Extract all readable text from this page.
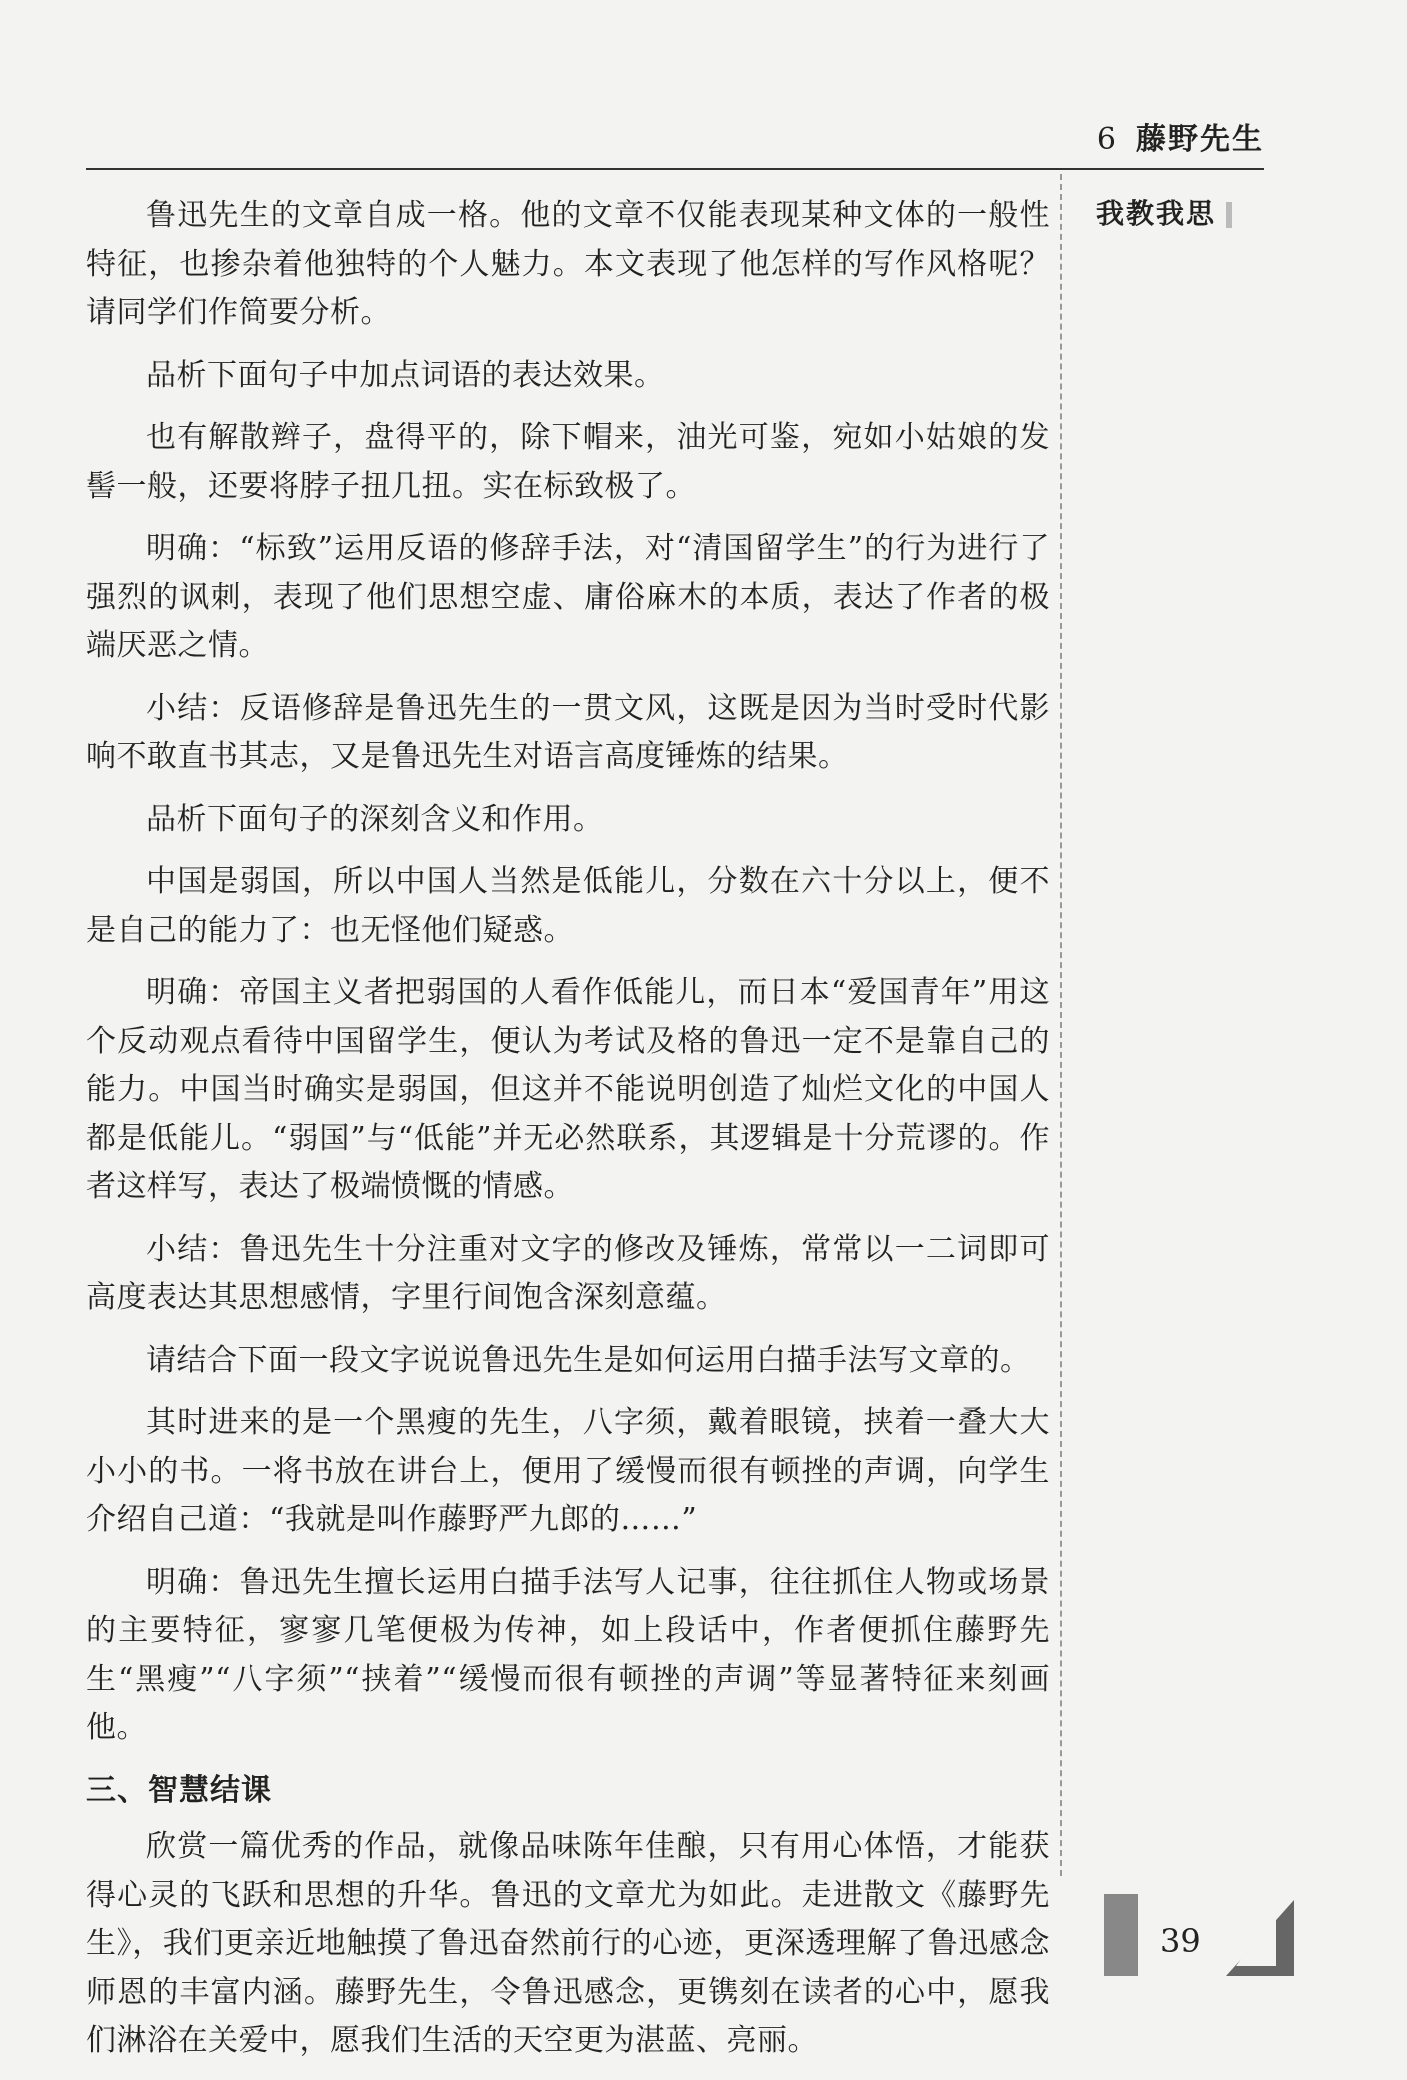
6 藤野先生
我教我思

鲁迅先生的文章自成一格。他的文章不仅能表现某种文体的一般性特征，也掺杂着他独特的个人魅力。本文表现了他怎样的写作风格呢？请同学们作简要分析。

品析下面句子中加点词语的表达效果。

也有解散辫子，盘得平的，除下帽来，油光可鉴，宛如小姑娘的发髻一般，还要将脖子扭几扭。实在标致极了。

明确：“标致”运用反语的修辞手法，对“清国留学生”的行为进行了强烈的讽刺，表现了他们思想空虚、庸俗麻木的本质，表达了作者的极端厌恶之情。

小结：反语修辞是鲁迅先生的一贯文风，这既是因为当时受时代影响不敢直书其志，又是鲁迅先生对语言高度锤炼的结果。

品析下面句子的深刻含义和作用。

中国是弱国，所以中国人当然是低能儿，分数在六十分以上，便不是自己的能力了：也无怪他们疑惑。

明确：帝国主义者把弱国的人看作低能儿，而日本“爱国青年”用这个反动观点看待中国留学生，便认为考试及格的鲁迅一定不是靠自己的能力。中国当时确实是弱国，但这并不能说明创造了灿烂文化的中国人都是低能儿。“弱国”与“低能”并无必然联系，其逻辑是十分荒谬的。作者这样写，表达了极端愤慨的情感。

小结：鲁迅先生十分注重对文字的修改及锤炼，常常以一二词即可高度表达其思想感情，字里行间饱含深刻意蕴。

请结合下面一段文字说说鲁迅先生是如何运用白描手法写文章的。

其时进来的是一个黑瘦的先生，八字须，戴着眼镜，挟着一叠大大小小的书。一将书放在讲台上，便用了缓慢而很有顿挫的声调，向学生介绍自己道：“我就是叫作藤野严九郎的……”

明确：鲁迅先生擅长运用白描手法写人记事，往往抓住人物或场景的主要特征，寥寥几笔便极为传神，如上段话中，作者便抓住藤野先生“黑瘦”“八字须”“挟着”“缓慢而很有顿挫的声调”等显著特征来刻画他。

三、智慧结课

欣赏一篇优秀的作品，就像品味陈年佳酿，只有用心体悟，才能获得心灵的飞跃和思想的升华。鲁迅的文章尤为如此。走进散文《藤野先生》，我们更亲近地触摸了鲁迅奋然前行的心迹，更深透理解了鲁迅感念师恩的丰富内涵。藤野先生，令鲁迅感念，更镌刻在读者的心中，愿我们淋浴在关爱中，愿我们生活的天空更为湛蓝、亮丽。

39
